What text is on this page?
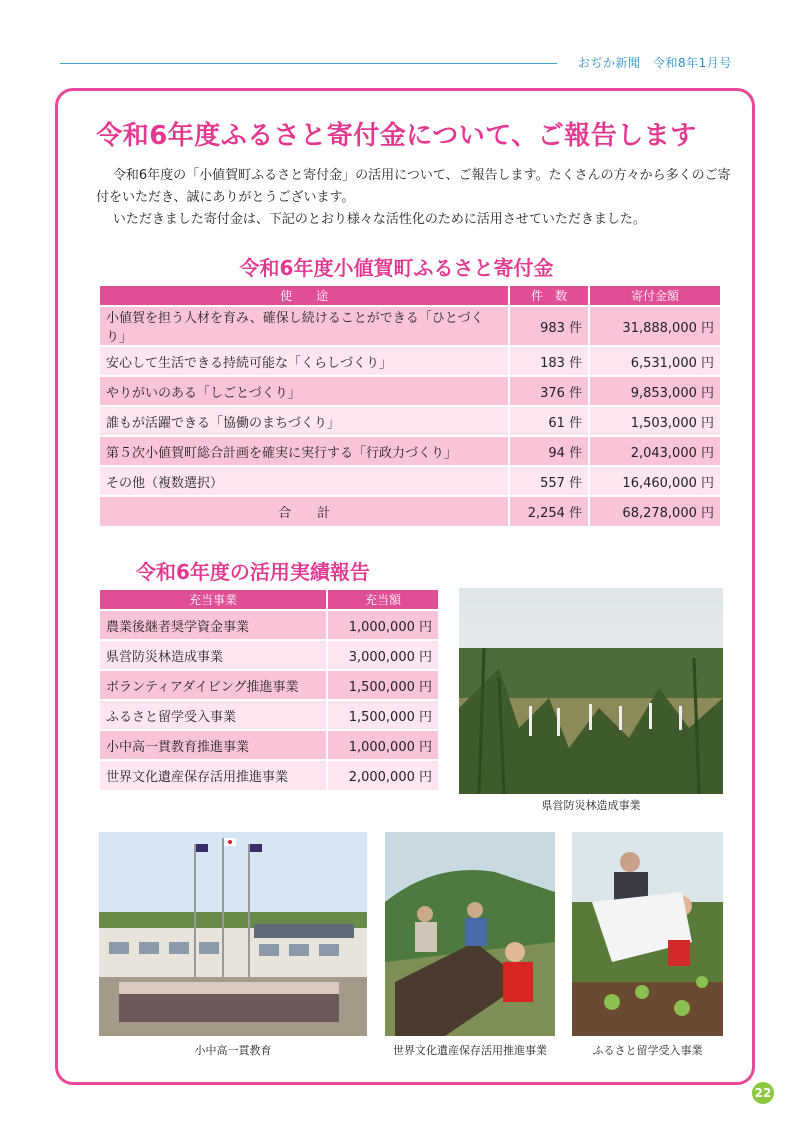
おぢか新聞　令和8年1月号
令和6年度ふるさと寄付金について、ご報告します

令和6年度の「小値賀町ふるさと寄付金」の活用について、ご報告します。たくさんの方々から多くのご寄付をいただき、誠にありがとうございます。

いただきました寄付金は、下記のとおり様々な活性化のために活用させていただきました。

令和6年度小値賀町ふるさと寄付金
使　　途	件　数	寄付金額
小値賀を担う人材を育み、確保し続けることができる「ひとづくり」	983 件	31,888,000 円
安心して生活できる持続可能な「くらしづくり」	183 件	6,531,000 円
やりがいのある「しごとづくり」	376 件	9,853,000 円
誰もが活躍できる「協働のまちづくり」	61 件	1,503,000 円
第５次小値賀町総合計画を確実に実行する「行政力づくり」	94 件	2,043,000 円
その他（複数選択）	557 件	16,460,000 円
合　　計	2,254 件	68,278,000 円
令和6年度の活用実績報告
充当事業	充当額
農業後継者奨学資金事業	1,000,000 円
県営防災林造成事業	3,000,000 円
ボランティアダイビング推進事業	1,500,000 円
ふるさと留学受入事業	1,500,000 円
小中高一貫教育推進事業	1,000,000 円
世界文化遺産保存活用推進事業	2,000,000 円
県営防災林造成事業
小中高一貫教育	世界文化遺産保存活用推進事業	ふるさと留学受入事業
22
